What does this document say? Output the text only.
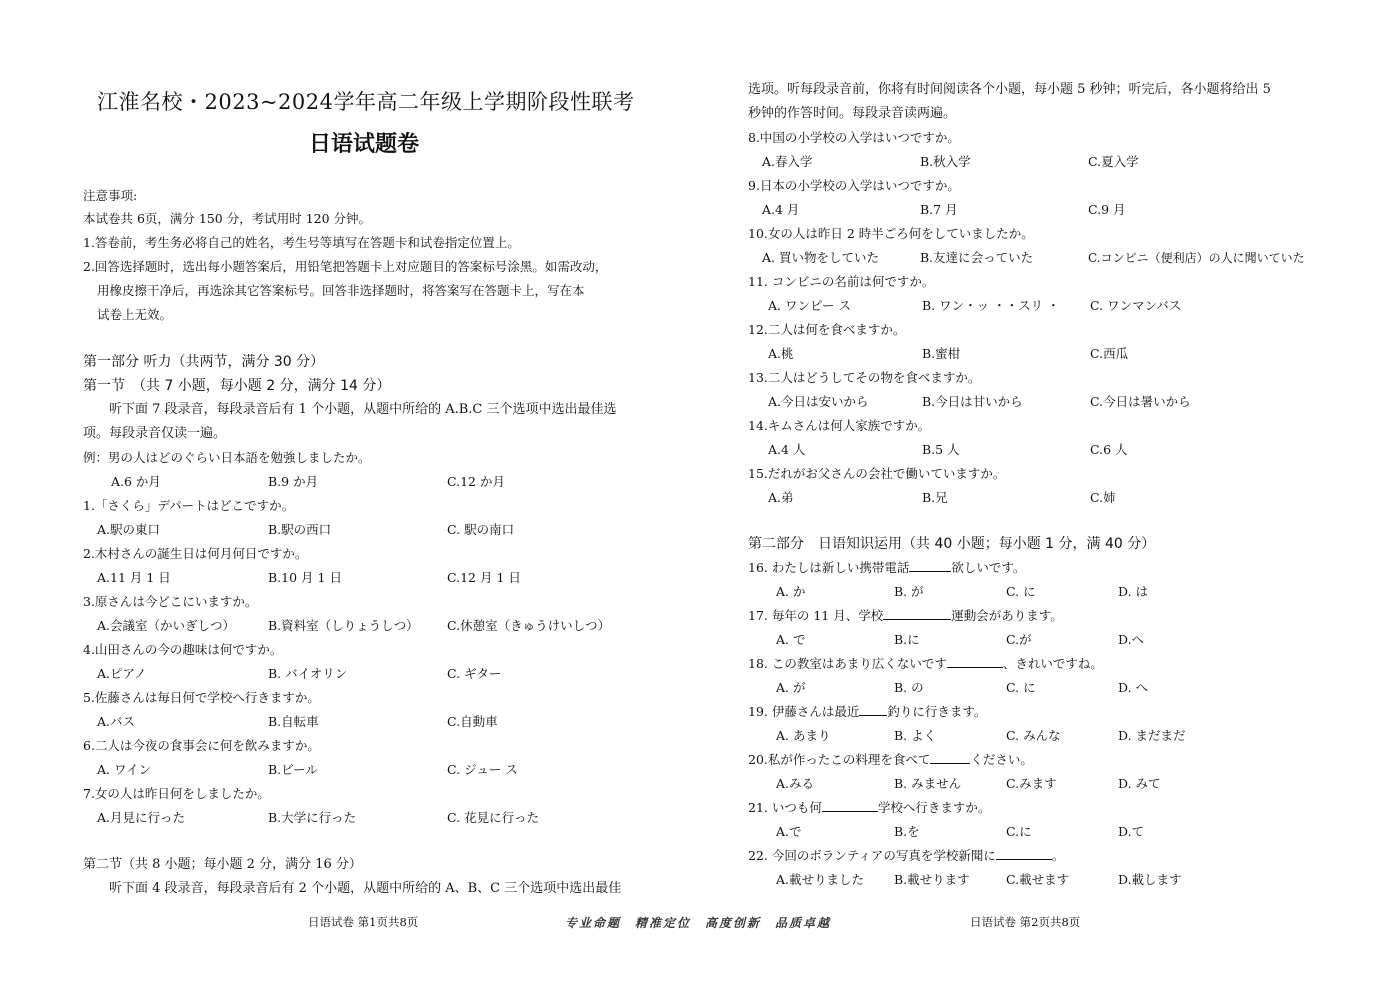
江淮名校・2023~2024学年高二年级上学期阶段性联考
日语试题卷
注意事项:
本试卷共 6页，满分 150 分，考试用时 120 分钟。
1.答卷前，考生务必将自己的姓名，考生号等填写在答题卡和试卷指定位置上。
2.回答选择题时，选出每小题答案后，用铅笔把答题卡上对应题目的答案标号涂黑。如需改动，
用橡皮擦干净后，再选涂其它答案标号。回答非选择题时，将答案写在答题卡上，写在本
试卷上无效。
第一部分 听力（共两节，满分 30 分）
第一节　（共 7 小题，每小题 2 分，满分 14 分）
听下面 7 段录音，每段录音后有 1 个小题，从题中所给的 A.B.C 三个选项中选出最佳选
项。每段录音仅读一遍。
例：男の人はどのぐらい日本語を勉強しましたか。
A.6 か月	B.9 か月	C.12 か月
1.「さくら」デパートはどこですか。
A.駅の東口	B.駅の西口	C. 駅の南口
2.木村さんの誕生日は何月何日ですか。
A.11 月 1 日	B.10 月 1 日	C.12 月 1 日
3.原さんは今どこにいますか。
A.会議室（かいぎしつ）	B.資料室（しりょうしつ） C.休憩室（きゅうけいしつ）
4.山田さんの今の趣味は何ですか。
A.ピアノ	B. バイオリン	C. ギター
5.佐藤さんは毎日何で学校へ行きますか。
A.バス	B.自転車	C.自動車
6.二人は今夜の食事会に何を飲みますか。
A. ワイン	B.ビール	C. ジュー ス
7.女の人は昨日何をしましたか。
A.月見に行った	B.大学に行った	C. 花見に行った
第二节（共 8 小题；每小题 2 分，满分 16 分）
听下面 4 段录音，每段录音后有 2 个小题，从题中所给的 A、B、C 三个选项中选出最佳
日语试卷 第1页共8页	专业命题　精准定位　高度创新　品质卓越	日语试卷 第2页共8页
选项。听每段录音前，你将有时间阅读各个小题，每小题 5 秒钟；听完后，各小题将给出 5
秒钟的作答时间。每段录音读两遍。
8.中国の小学校の入学はいつですか。
A.春入学	B.秋入学	C.夏入学
9.日本の小学校の入学はいつですか。
A.4 月	B.7 月	C.9 月
10.女の人は昨日 2 時半ごろ何をしていましたか。
A. 買い物をしていた	B.友達に会っていた	C.コンビニ（便利店）の人に聞いていた
11. コンビニの名前は何ですか。
A. ワンピー ス	B. ワン・ッ ・・スリ ・ C. ワンマンバス
12.二人は何を食べますか。
A.桃	B.蜜柑	C.西瓜
13.二人はどうしてその物を食べますか。
A.今日は安いから	B.今日は甘いから	C.今日は暑いから
14.キムさんは何人家族ですか。
A.4 人	B.5 人	C.6 人
15.だれがお父さんの会社で働いていますか。
A.弟	B.兄	C.姉
第二部分　日语知识运用（共 40 小题；每小题 1 分，满 40 分）
16. わたしは新しい携帯電話	欲しいです。
A. か	B. が	C. に	D. は
17. 毎年の 11 月、学校	運動会があります。
A. で	B.に	C.が	D.へ
18. この教室はあまり広くないです	、きれいですね。
A. が	B. の	C. に	D. へ
19. 伊藤さんは最近 釣りに行きます。
A. あまり	B. よく	C. みんな	D. まだまだ
20.私が作ったこの料理を食べて	ください。
A.みる	B. みません	C.みます	D. みて
21. いつも何	学校へ行きますか。
A.で	B.を	C.に	D.て
22. 今回のボランティアの写真を学校新聞に	。
A.載せりました B.載せります	C.載せます	D.載します
